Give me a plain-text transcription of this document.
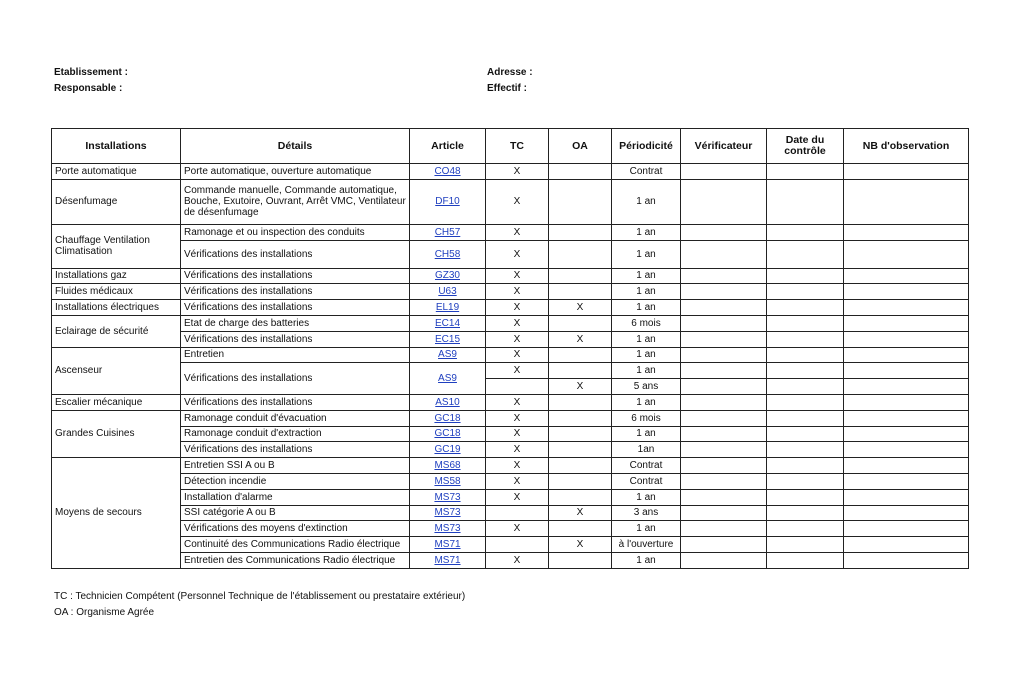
Etablissement :
Responsable :
Adresse :
Effectif :
Installations	Détails	Article	TC	OA	Périodicité	Vérificateur	Date du contrôle	NB d'observation
Porte automatique	Porte automatique, ouverture automatique	CO48	X		Contrat			
Désenfumage	Commande manuelle, Commande automatique, Bouche, Exutoire, Ouvrant, Arrêt VMC, Ventilateur de désenfumage	DF10	X		1 an			
Chauffage Ventilation Climatisation	Ramonage et ou inspection des conduits	CH57	X		1 an			
	Vérifications des installations	CH58	X		1 an			
Installations gaz	Vérifications des installations	GZ30	X		1 an			
Fluides médicaux	Vérifications des installations	U63	X		1 an			
Installations électriques	Vérifications des installations	EL19	X	X	1 an			
Eclairage de sécurité	Etat de charge des batteries	EC14	X		6 mois			
	Vérifications des installations	EC15	X	X	1 an			
Ascenseur	Entretien	AS9	X		1 an			
	Vérifications des installations	AS9	X		1 an			
				X	5 ans			
Escalier mécanique	Vérifications des installations	AS10	X		1 an			
Grandes Cuisines	Ramonage conduit d'évacuation	GC18	X		6 mois			
	Ramonage conduit d'extraction	GC18	X		1 an			
	Vérifications des installations	GC19	X		1an			
Moyens de secours	Entretien SSI A ou B	MS68	X		Contrat			
	Détection incendie	MS58	X		Contrat			
	Installation d'alarme	MS73	X		1 an			
	SSI catégorie A ou B	MS73		X	3 ans			
	Vérifications des moyens d'extinction	MS73	X		1 an			
	Continuité des Communications Radio électrique	MS71		X	à l'ouverture			
	Entretien des Communications Radio électrique	MS71	X		1 an			
TC : Technicien Compétent (Personnel Technique de l'établissement ou prestataire extérieur)
OA : Organisme Agrée
